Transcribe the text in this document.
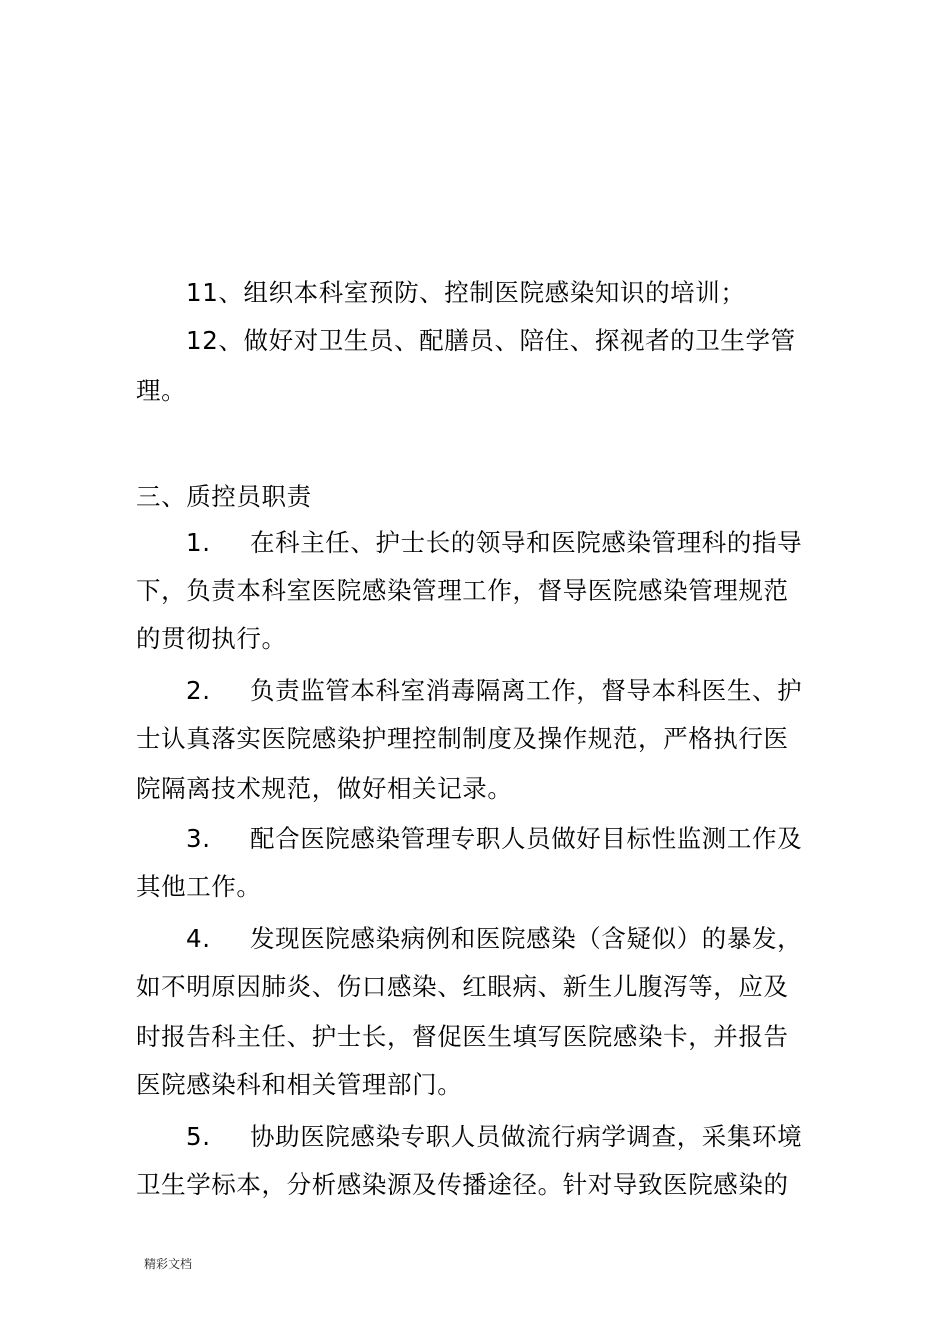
11、组织本科室预防、控制医院感染知识的培训；

12、做好对卫生员、配膳员、陪住、探视者的卫生学管

理。

三、质控员职责

1. 在科主任、护士长的领导和医院感染管理科的指导

下，负责本科室医院感染管理工作，督导医院感染管理规范

的贯彻执行。

2. 负责监管本科室消毒隔离工作，督导本科医生、护

士认真落实医院感染护理控制制度及操作规范，严格执行医

院隔离技术规范，做好相关记录。

3. 配合医院感染管理专职人员做好目标性监测工作及

其他工作。

4. 发现医院感染病例和医院感染（含疑似）的暴发，

如不明原因肺炎、伤口感染、红眼病、新生儿腹泻等，应及

时报告科主任、护士长，督促医生填写医院感染卡，并报告

医院感染科和相关管理部门。

5. 协助医院感染专职人员做流行病学调查，采集环境

卫生学标本，分析感染源及传播途径。针对导致医院感染的

精彩文档
